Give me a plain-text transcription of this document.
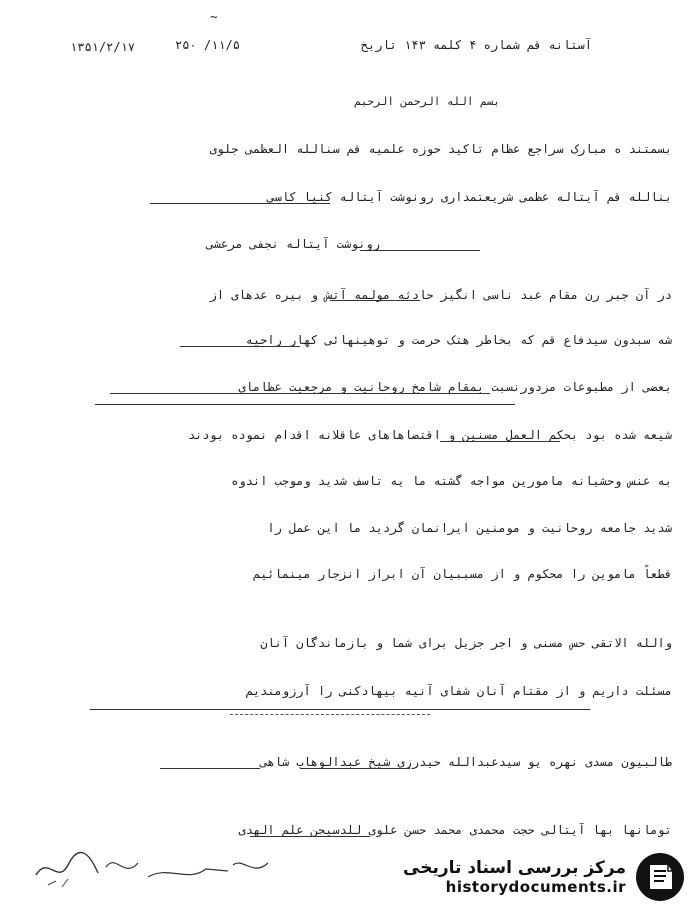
آستانه قم شماره ۴ کلمه ۱۴۳ تاریخ
۲۵۰ /۱۱/۵
۱۳۵۱/۲/۱۷
~
بسم الله الرحمن الرحیم
بسمتند ه مبارک سراجع عظام تاکید حوزه علمیه قم سنالله العظمی جلوی
بنالله قم آیتاله عظمی شریعتمداری رونوشت آیتاله کنیا کاسی
رونوشت آیتاله نجفی مرعشی
در آن جبر رن مقام عبد ناسی انگیز حادثه مولمه آتش و بیره عدهای از
شه سبدون سیدفاع قم که بخاطر هتک حرمت و توهینهائی کهار راحیه
بعضی از مطبوعات مزدورنسبت بمقام شامخ روحانیت و مرجعیت عظامای
شیعه شده بود بحکم العمل مسنین و اقتضاهاهای عاقلانه اقدام نموده بودند
به عنس وحشیانه مامورین مواجه گشته ما یه تاسف شدید وموجب اندوه
شدید جامعه روحانیت و مومنین ایرانمان گردید ما این عمل را
قطعاً ماموین را محکوم و از مسببیان آن ابراز انزجار مینمائیم
والله الاتقی حس مسنی و اجر جزیل برای شما و بازماندگان آنان
مسئلت داریم و از مقتام آنان شفای آنیه بیهادکنی را آرزومندیم
طالبیون مسدی نهره یو سیدعبدالله حیدرزی شیخ عبدالوهاب شاهی
تومانها بها آیتالی حجت محمدی محمد حسن علوی للدسیحن علم الهدی
مرکز بررسی اسناد تاریخی
historydocuments.ir
